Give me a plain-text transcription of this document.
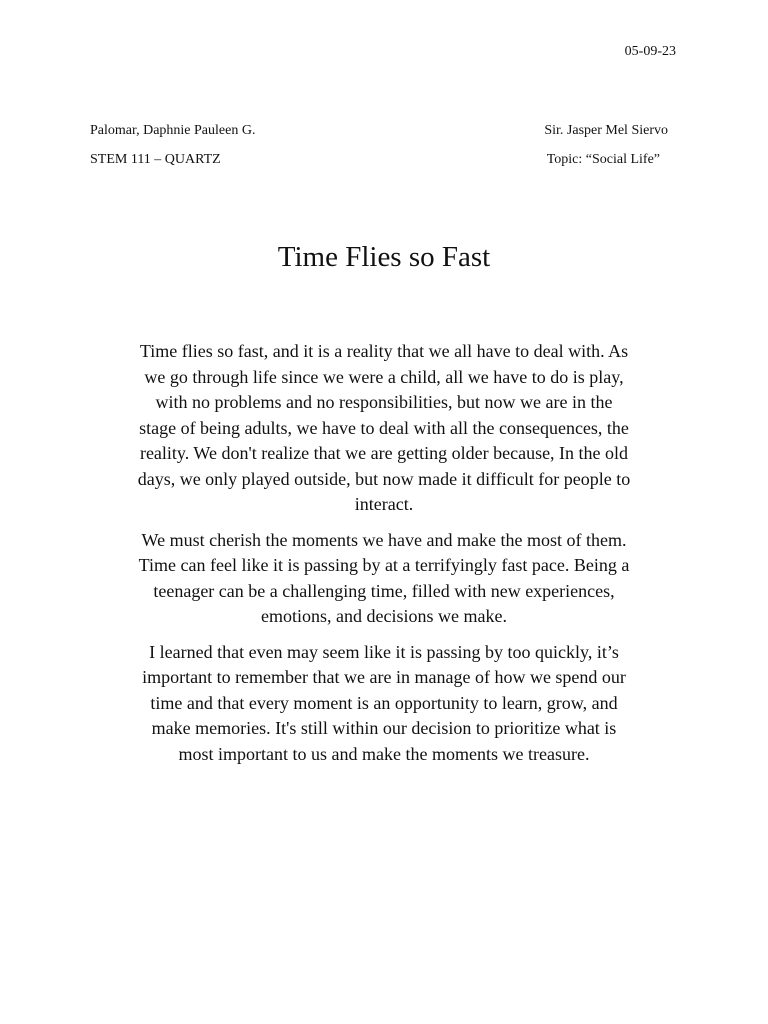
05-09-23
Palomar, Daphnie Pauleen G.	Sir. Jasper Mel Siervo
STEM 111 – QUARTZ	Topic: “Social Life”
Time Flies so Fast

Time flies so fast, and it is a reality that we all have to deal with. As we go through life since we were a child, all we have to do is play, with no problems and no responsibilities, but now we are in the stage of being adults, we have to deal with all the consequences, the reality. We don't realize that we are getting older because, In the old days, we only played outside, but now made it difficult for people to interact.

We must cherish the moments we have and make the most of them. Time can feel like it is passing by at a terrifyingly fast pace. Being a teenager can be a challenging time, filled with new experiences, emotions, and decisions we make.

I learned that even may seem like it is passing by too quickly, it’s important to remember that we are in manage of how we spend our time and that every moment is an opportunity to learn, grow, and make memories. It's still within our decision to prioritize what is most important to us and make the moments we treasure.
